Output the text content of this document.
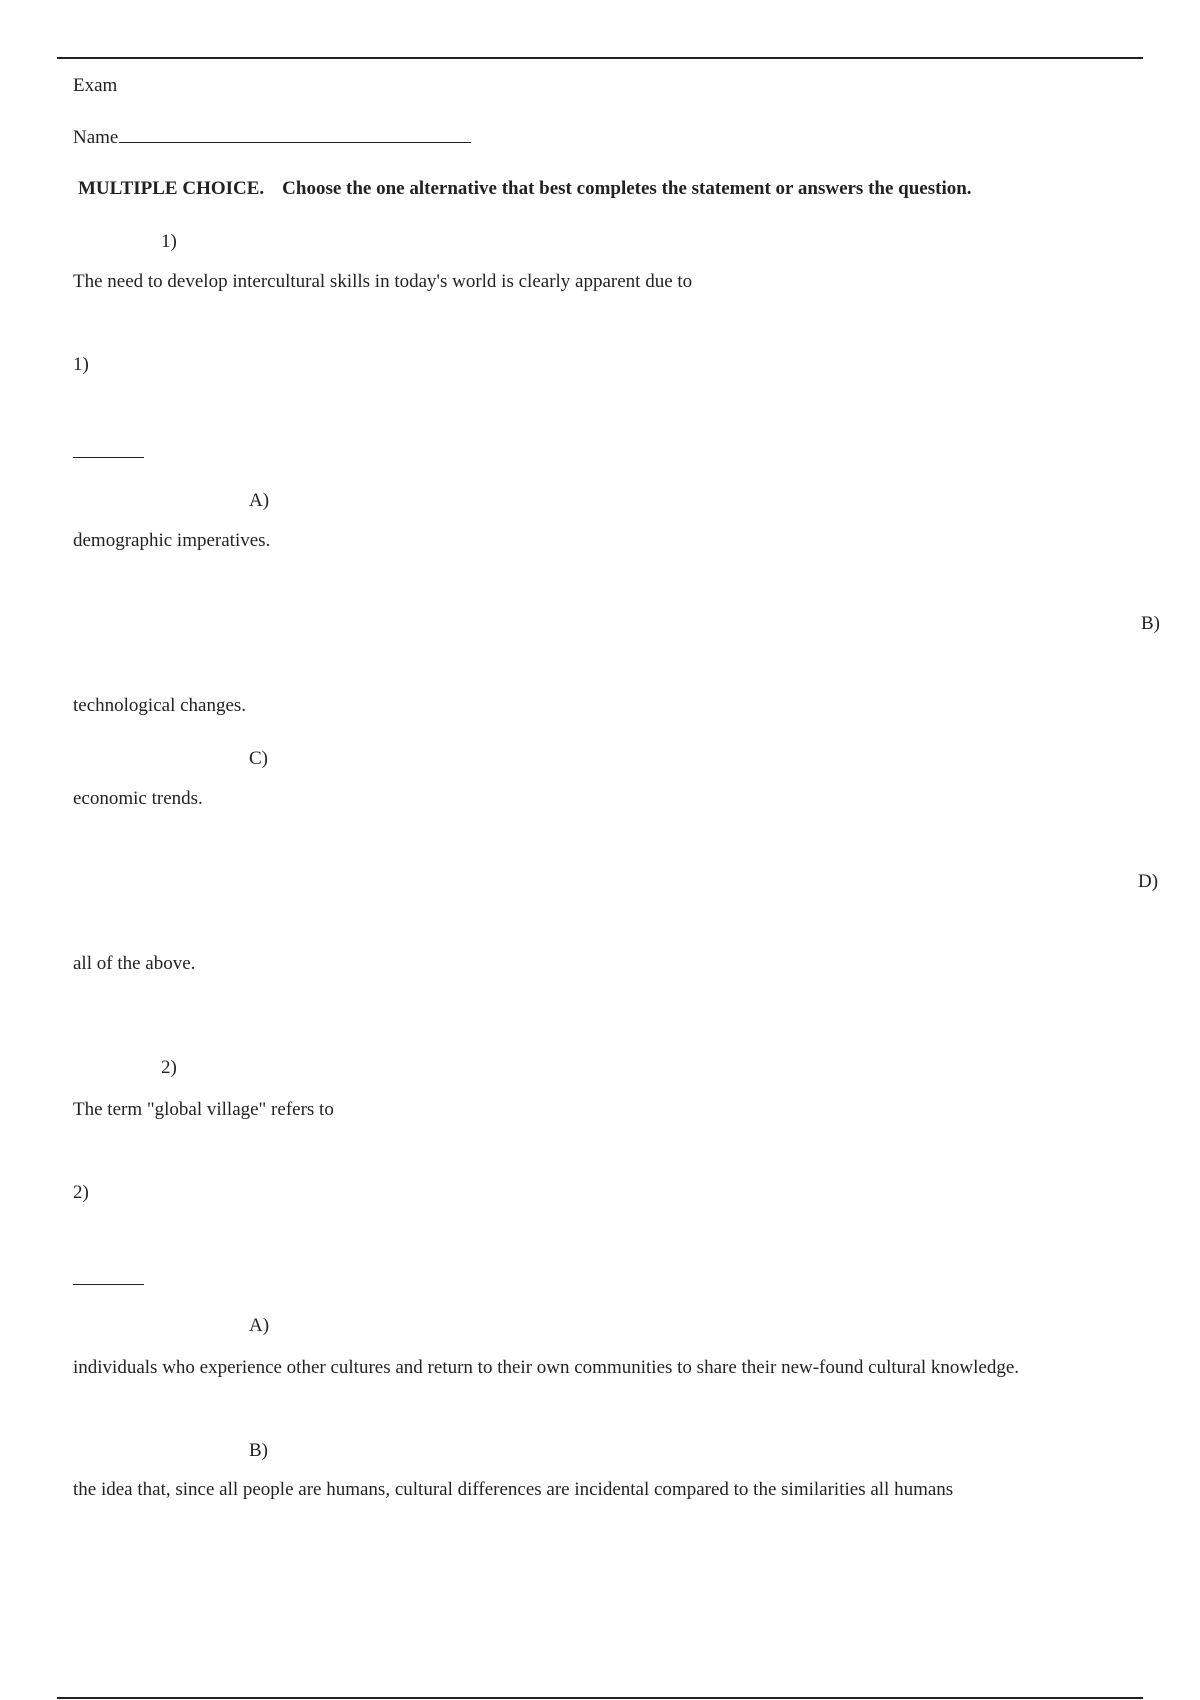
Exam
Name
MULTIPLE CHOICE. Choose the one alternative that best completes the statement or answers the question.
1)
The need to develop intercultural skills in today's world is clearly apparent due to
1)
A)
demographic imperatives.
B)
technological changes.
C)
economic trends.
D)
all of the above.
2)
The term "global village" refers to
2)
A)
individuals who experience other cultures and return to their own communities to share their new-found cultural knowledge.
B)
the idea that, since all people are humans, cultural differences are incidental compared to the similarities all humans
